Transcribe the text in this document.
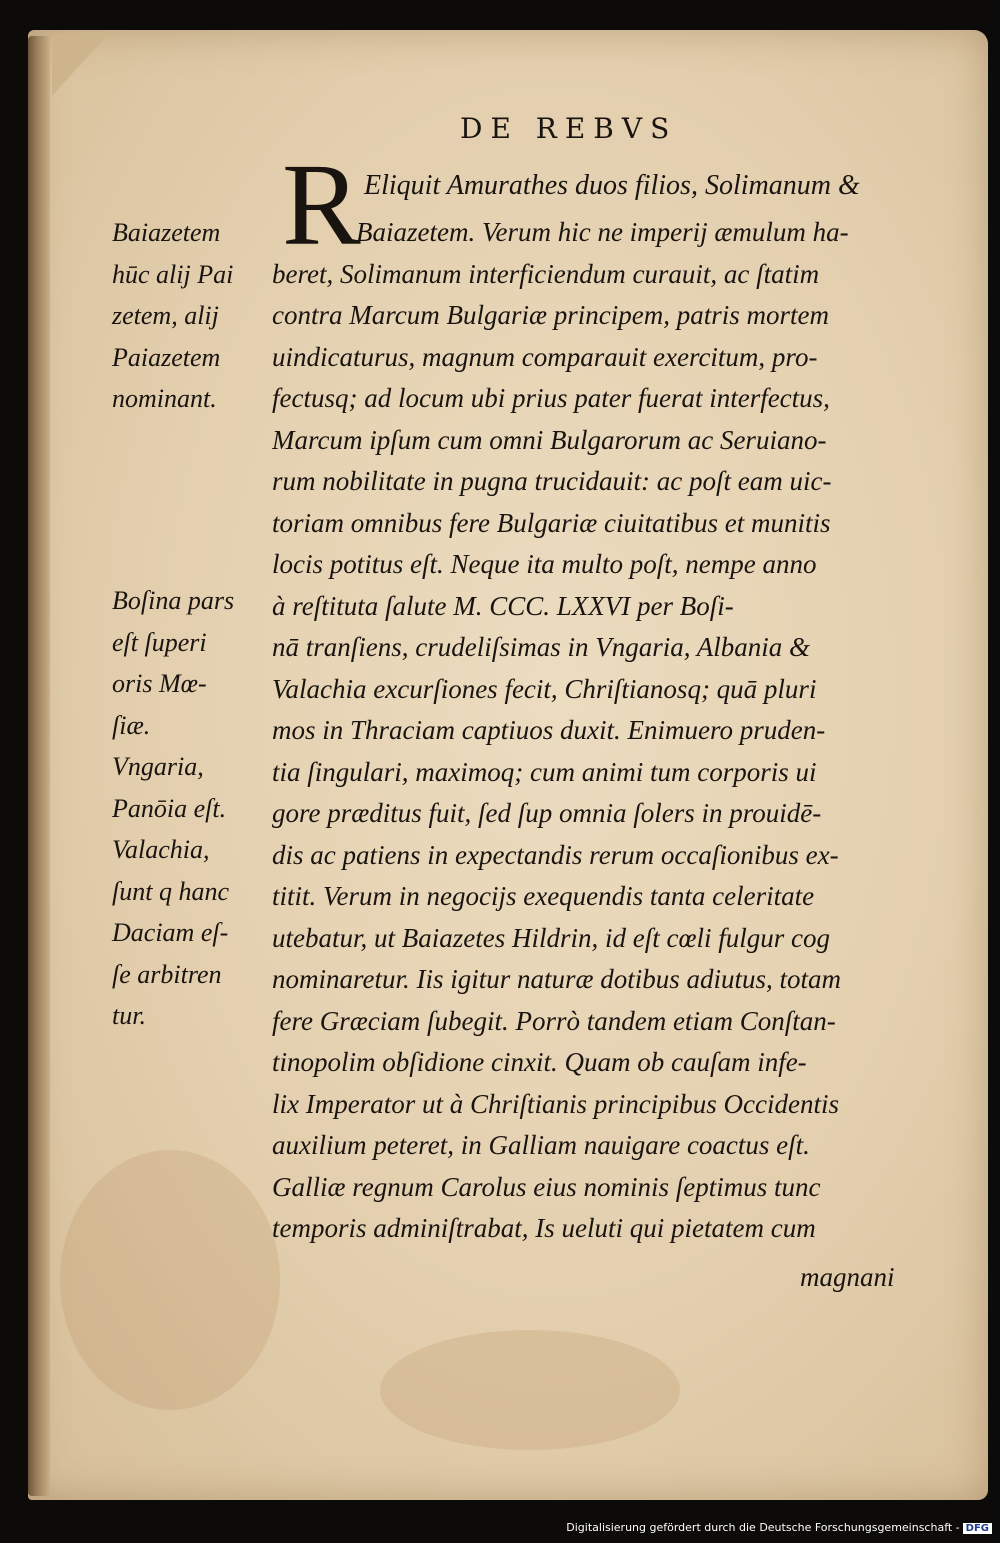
DE REBVS
R Eliquit Amurathes duos filios, Solimanum &
Baiazetem. Verum hic ne imperij æmulum ha-
beret, Solimanum interficiendum curauit, ac ſtatim
contra Marcum Bulgariæ principem, patris mortem
uindicaturus, magnum comparauit exercitum, pro-
fectusq; ad locum ubi prius pater fuerat interfectus,
Marcum ipſum cum omni Bulgarorum ac Seruiano-
rum nobilitate in pugna trucidauit: ac poſt eam uic-
toriam omnibus fere Bulgariæ ciuitatibus et munitis
locis potitus eſt. Neque ita multo poſt, nempe anno
à reſtituta ſalute M. CCC. LXXVI per Boſi-
nā tranſiens, crudeliſsimas in Vngaria, Albania &
Valachia excurſiones fecit, Chriſtianosq; quā pluri
mos in Thraciam captiuos duxit. Enimuero pruden-
tia ſingulari, maximoq; cum animi tum corporis ui
gore præditus fuit, ſed ſup omnia ſolers in prouidē-
dis ac patiens in expectandis rerum occaſionibus ex-
titit. Verum in negocijs exequendis tanta celeritate
utebatur, ut Baiazetes Hildrin, id eſt cœli fulgur cog
nominaretur. Iis igitur naturæ dotibus adiutus, totam
fere Græciam ſubegit. Porrò tandem etiam Conſtan-
tinopolim obſidione cinxit. Quam ob cauſam infe-
lix Imperator ut à Chriſtianis principibus Occidentis
auxilium peteret, in Galliam nauigare coactus eſt.
Galliæ regnum Carolus eius nominis ſeptimus tunc
temporis adminiſtrabat, Is ueluti qui pietatem cum
magnani
Baiazetem
hūc alij Pai
zetem, alij
Paiazetem
nominant.
Boſina pars
eſt ſuperi
oris Mœ-
ſiæ.
Vngaria,
Panōia eſt.
Valachia,
ſunt q hanc
Daciam eſ-
ſe arbitren
tur.
Digitalisierung gefördert durch die Deutsche Forschungsgemeinschaft - DFG
